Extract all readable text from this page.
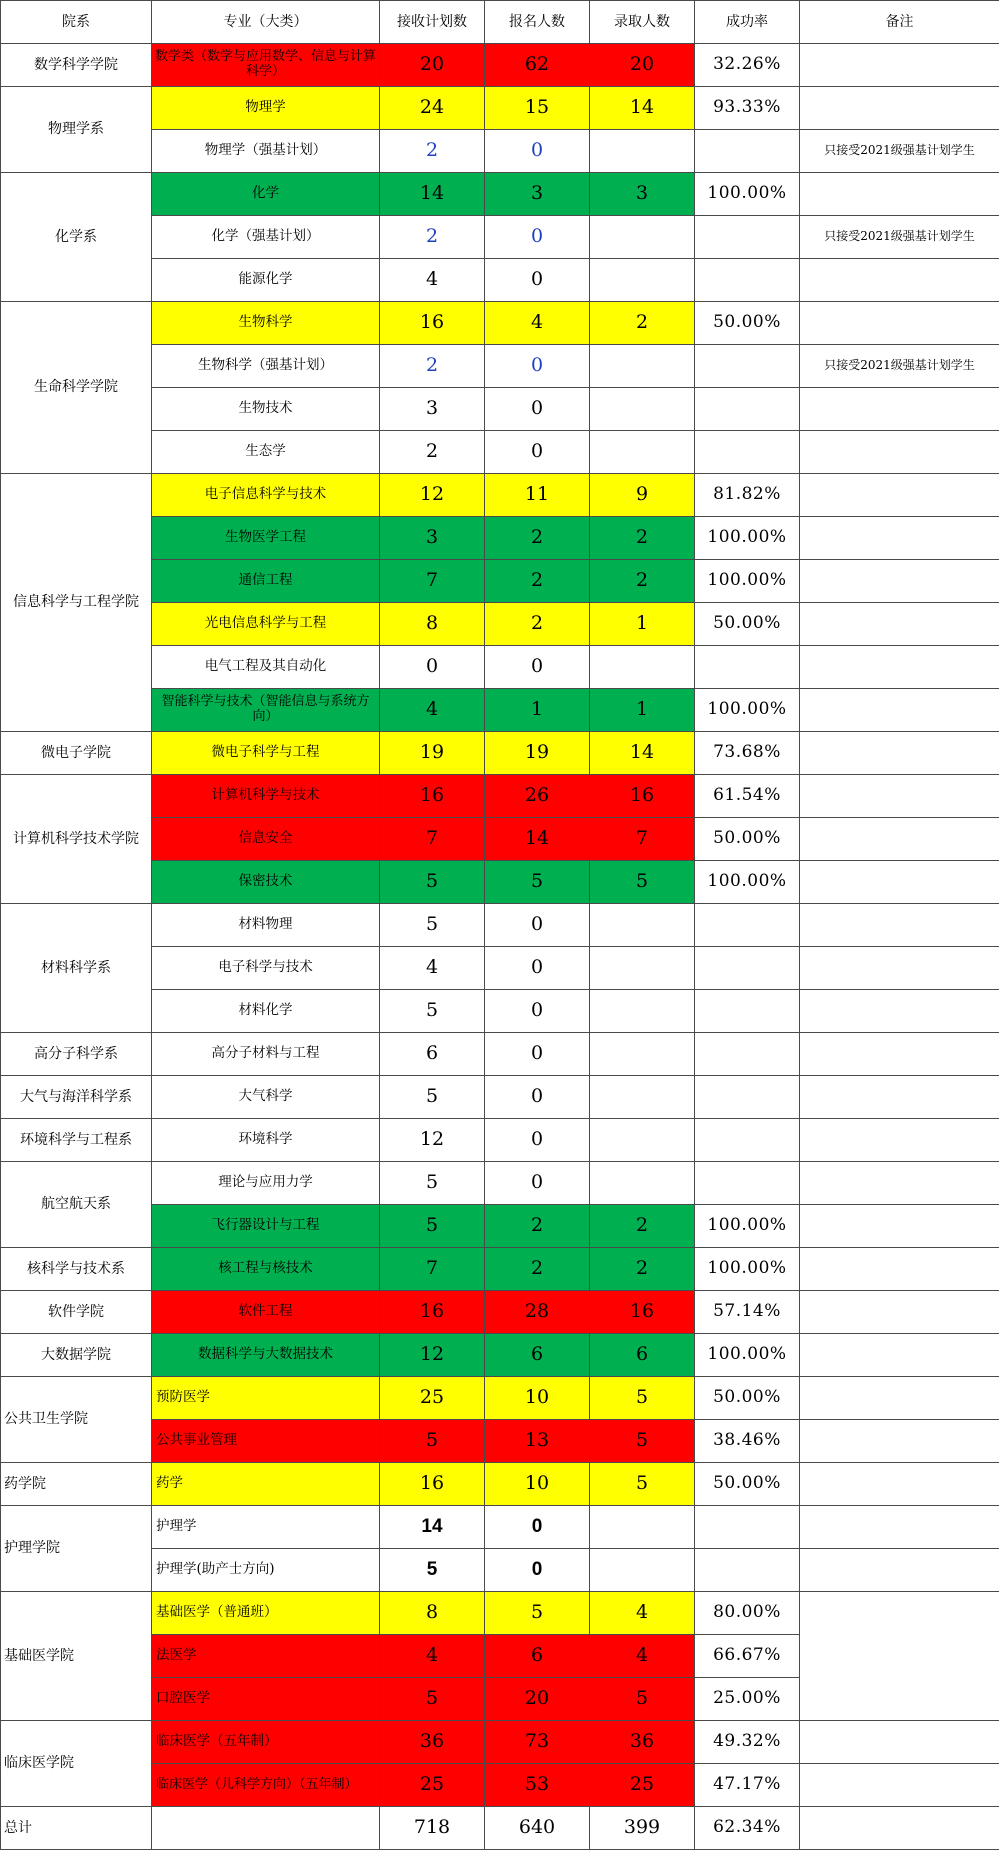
院系	专业（大类）	接收计划数	报名人数	录取人数	成功率	备注
数学科学学院	数学类（数学与应用数学、信息与计算科学）	20	62	20	32.26%	
物理学系	物理学	24	15	14	93.33%	
	物理学（强基计划）	2	0			只接受2021级强基计划学生
化学系	化学	14	3	3	100.00%	
	化学（强基计划）	2	0			只接受2021级强基计划学生
	能源化学	4	0			
生命科学学院	生物科学	16	4	2	50.00%	
	生物科学（强基计划）	2	0			只接受2021级强基计划学生
	生物技术	3	0			
	生态学	2	0			
信息科学与工程学院	电子信息科学与技术	12	11	9	81.82%	
	生物医学工程	3	2	2	100.00%	
	通信工程	7	2	2	100.00%	
	光电信息科学与工程	8	2	1	50.00%	
	电气工程及其自动化	0	0			
	智能科学与技术（智能信息与系统方向）	4	1	1	100.00%	
微电子学院	微电子科学与工程	19	19	14	73.68%	
计算机科学技术学院	计算机科学与技术	16	26	16	61.54%	
	信息安全	7	14	7	50.00%	
	保密技术	5	5	5	100.00%	
材料科学系	材料物理	5	0			
	电子科学与技术	4	0			
	材料化学	5	0			
高分子科学系	高分子材料与工程	6	0			
大气与海洋科学系	大气科学	5	0			
环境科学与工程系	环境科学	12	0			
航空航天系	理论与应用力学	5	0			
	飞行器设计与工程	5	2	2	100.00%	
核科学与技术系	核工程与核技术	7	2	2	100.00%	
软件学院	软件工程	16	28	16	57.14%	
大数据学院	数据科学与大数据技术	12	6	6	100.00%	
公共卫生学院	预防医学	25	10	5	50.00%	
	公共事业管理	5	13	5	38.46%	
药学院	药学	16	10	5	50.00%	
护理学院	护理学	14	0			
	护理学(助产士方向)	5	0			
基础医学院	基础医学（普通班）	8	5	4	80.00%	
	法医学	4	6	4	66.67%	
	口腔医学	5	20	5	25.00%	
临床医学院	临床医学（五年制）	36	73	36	49.32%	
	临床医学（儿科学方向）（五年制）	25	53	25	47.17%	
总计		718	640	399	62.34%	
